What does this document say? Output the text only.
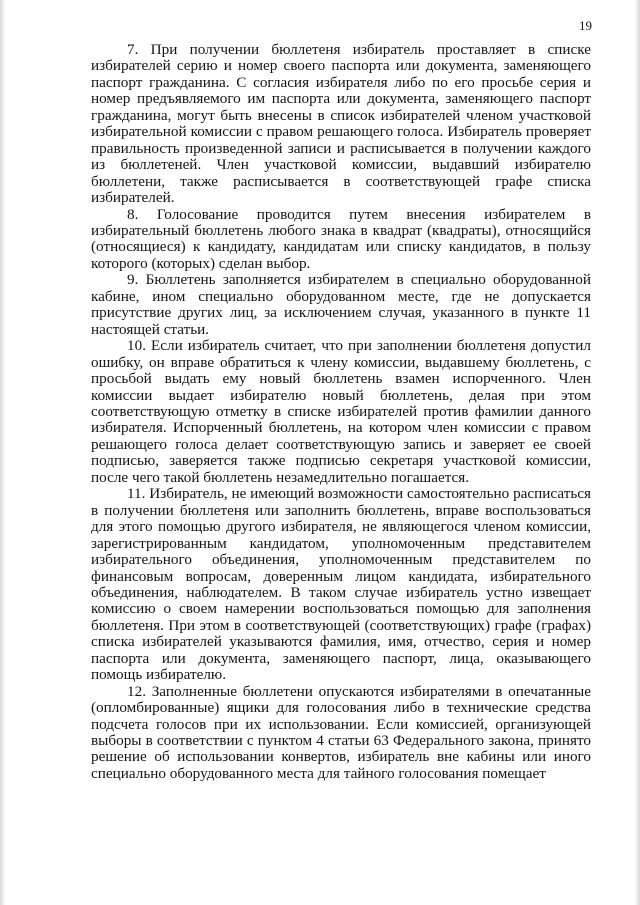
19

7. При получении бюллетеня избиратель проставляет в списке избирателей серию и номер своего паспорта или документа, заменяющего паспорт гражданина. С согласия избирателя либо по его просьбе серия и номер предъявляемого им паспорта или документа, заменяющего паспорт гражданина, могут быть внесены в список избирателей членом участковой избирательной комиссии с правом решающего голоса. Избиратель проверяет правильность произведенной записи и расписывается в получении каждого из бюллетеней. Член участковой комиссии, выдавший избирателю бюллетени, также расписывается в соответствующей графе списка избирателей.

8. Голосование проводится путем внесения избирателем в избирательный бюллетень любого знака в квадрат (квадраты), относящийся (относящиеся) к кандидату, кандидатам или списку кандидатов, в пользу которого (которых) сделан выбор.

9. Бюллетень заполняется избирателем в специально оборудованной кабине, ином специально оборудованном месте, где не допускается присутствие других лиц, за исключением случая, указанного в пункте 11 настоящей статьи.

10. Если избиратель считает, что при заполнении бюллетеня допустил ошибку, он вправе обратиться к члену комиссии, выдавшему бюллетень, с просьбой выдать ему новый бюллетень взамен испорченного. Член комиссии выдает избирателю новый бюллетень, делая при этом соответствующую отметку в списке избирателей против фамилии данного избирателя. Испорченный бюллетень, на котором член комиссии с правом решающего голоса делает соответствующую запись и заверяет ее своей подписью, заверяется также подписью секретаря участковой комиссии, после чего такой бюллетень незамедлительно погашается.

11. Избиратель, не имеющий возможности самостоятельно расписаться в получении бюллетеня или заполнить бюллетень, вправе воспользоваться для этого помощью другого избирателя, не являющегося членом комиссии, зарегистрированным кандидатом, уполномоченным представителем избирательного объединения, уполномоченным представителем по финансовым вопросам, доверенным лицом кандидата, избирательного объединения, наблюдателем. В таком случае избиратель устно извещает комиссию о своем намерении воспользоваться помощью для заполнения бюллетеня. При этом в соответствующей (соответствующих) графе (графах) списка избирателей указываются фамилия, имя, отчество, серия и номер паспорта или документа, заменяющего паспорт, лица, оказывающего помощь избирателю.

12. Заполненные бюллетени опускаются избирателями в опечатанные (опломбированные) ящики для голосования либо в технические средства подсчета голосов при их использовании. Если комиссией, организующей выборы в соответствии с пунктом 4 статьи 63 Федерального закона, принято решение об использовании конвертов, избиратель вне кабины или иного специально оборудованного места для тайного голосования помещает
